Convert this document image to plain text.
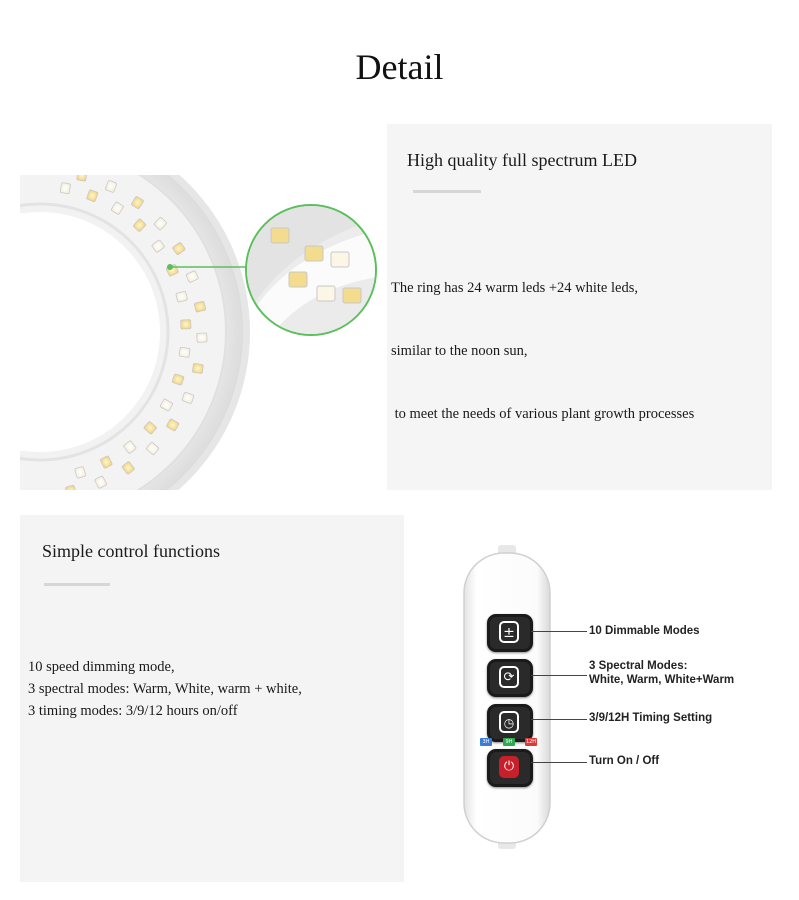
Detail
High quality full spectrum LED

The ring has 24 warm leds +24 white leds,

similar to the noon sun,

to meet the needs of various plant growth processes

Simple control functions
10 speed dimming mode,
3 spectral modes: Warm, White, warm + white,
3 timing modes: 3/9/12 hours on/off
±
⟳
◷
3H	9H	12H
⏻
10 Dimmable Modes
3 Spectral Modes:
White, Warm, White+Warm
3/9/12H Timing Setting
Turn On / Off
